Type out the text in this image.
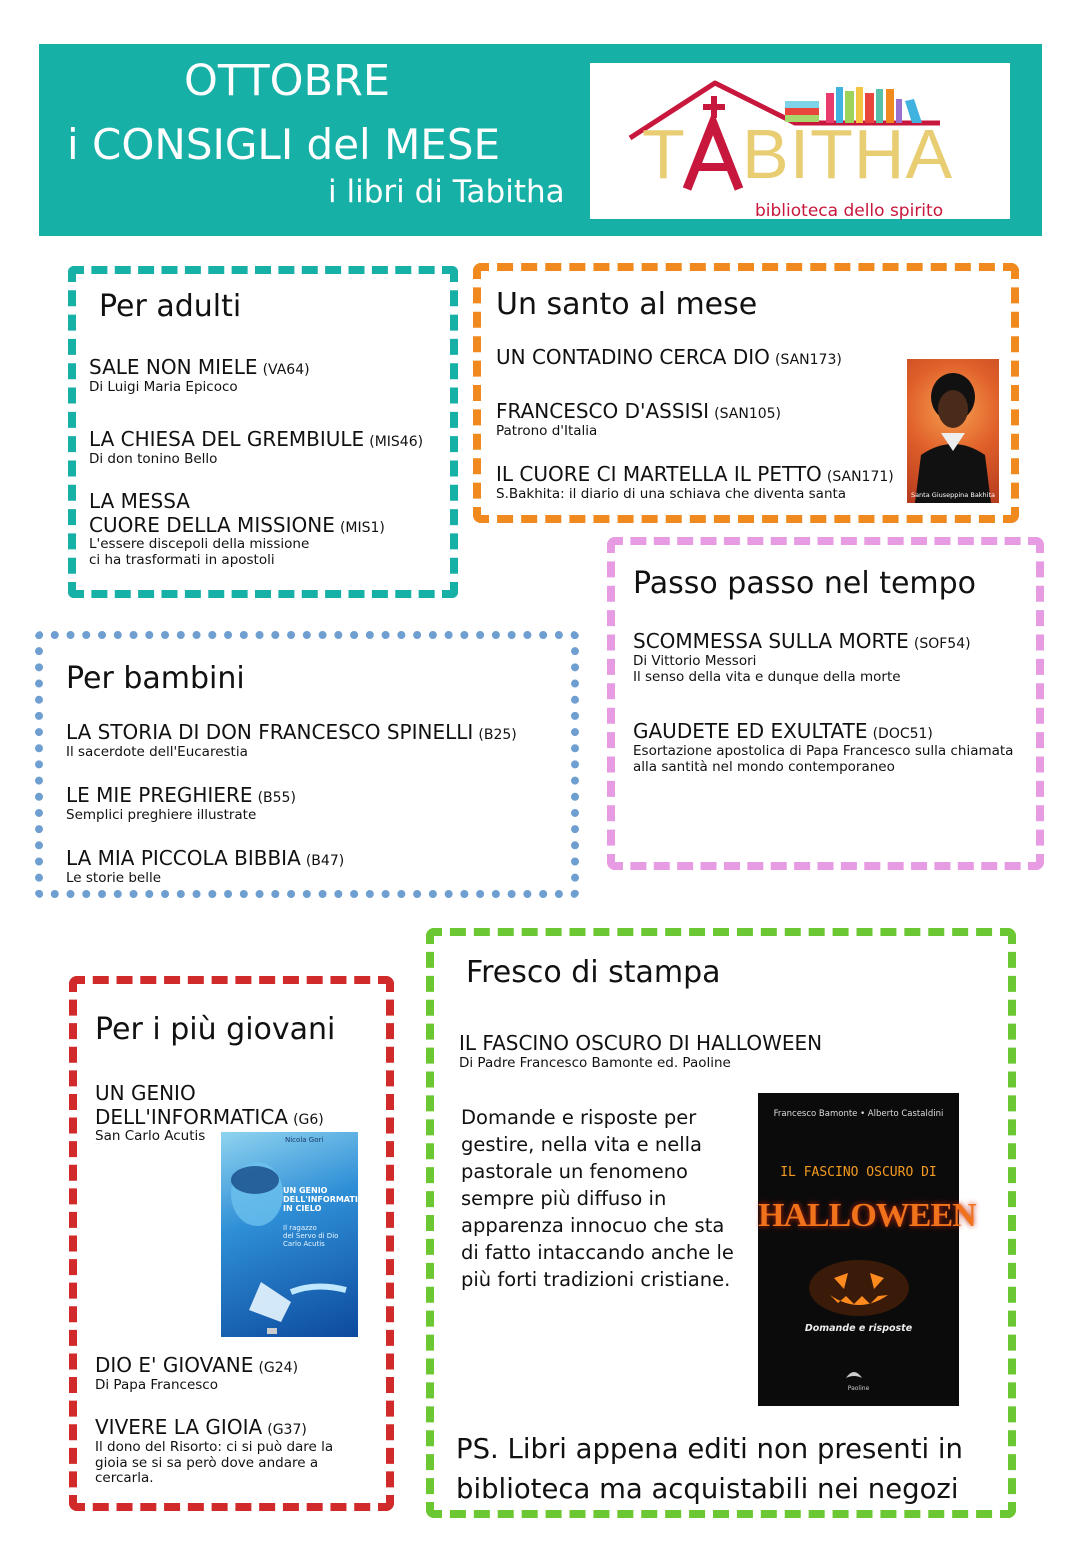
OTTOBRE
i CONSIGLI del MESE
i libri di Tabitha T BITHA
biblioteca dello spirito
Per adulti
SALE NON MIELE (VA64)
Di Luigi Maria Epicoco
LA CHIESA DEL GREMBIULE (MIS46)
Di don tonino Bello
LA MESSA
CUORE DELLA MISSIONE (MIS1)
L'essere discepoli della missione
ci ha trasformati in apostoli
Un santo al mese
UN CONTADINO CERCA DIO (SAN173)
FRANCESCO D'ASSISI (SAN105)
Patrono d'Italia
IL CUORE CI MARTELLA IL PETTO (SAN171)
S.Bakhita: il diario di una schiava che diventa santa	Santa Giuseppina Bakhita
Passo passo nel tempo
SCOMMESSA SULLA MORTE (SOF54)
Di Vittorio Messori
Il senso della vita e dunque della morte
GAUDETE ED EXULTATE (DOC51)
Esortazione apostolica di Papa Francesco sulla chiamata
alla santità nel mondo contemporaneo
Per bambini
LA STORIA DI DON FRANCESCO SPINELLI (B25)
Il sacerdote dell'Eucarestia
LE MIE PREGHIERE (B55)
Semplici preghiere illustrate
LA MIA PICCOLA BIBBIA (B47)
Le storie belle
Per i più giovani
UN GENIO
DELL'INFORMATICA (G6)
San Carlo Acutis	Nicola Gori
UN GENIO
DELL'INFORMATICA
IN CIELO
Il ragazzo
del Servo di Dio
Carlo Acutis
DIO E' GIOVANE (G24)
Di Papa Francesco
VIVERE LA GIOIA (G37)
Il dono del Risorto: ci si può dare la
gioia se si sa però dove andare a
cercarla.
Fresco di stampa
IL FASCINO OSCURO DI HALLOWEEN
Di Padre Francesco Bamonte ed. Paoline
Domande e risposte per
gestire, nella vita e nella
pastorale un fenomeno
sempre più diffuso in
apparenza innocuo che sta
di fatto intaccando anche le
più forti tradizioni cristiane.
Francesco Bamonte • Alberto Castaldini
IL FASCINO OSCURO DI
HALLOWEEN
Domande e risposte
Paoline
PS. Libri appena editi non presenti in
biblioteca ma acquistabili nei negozi
